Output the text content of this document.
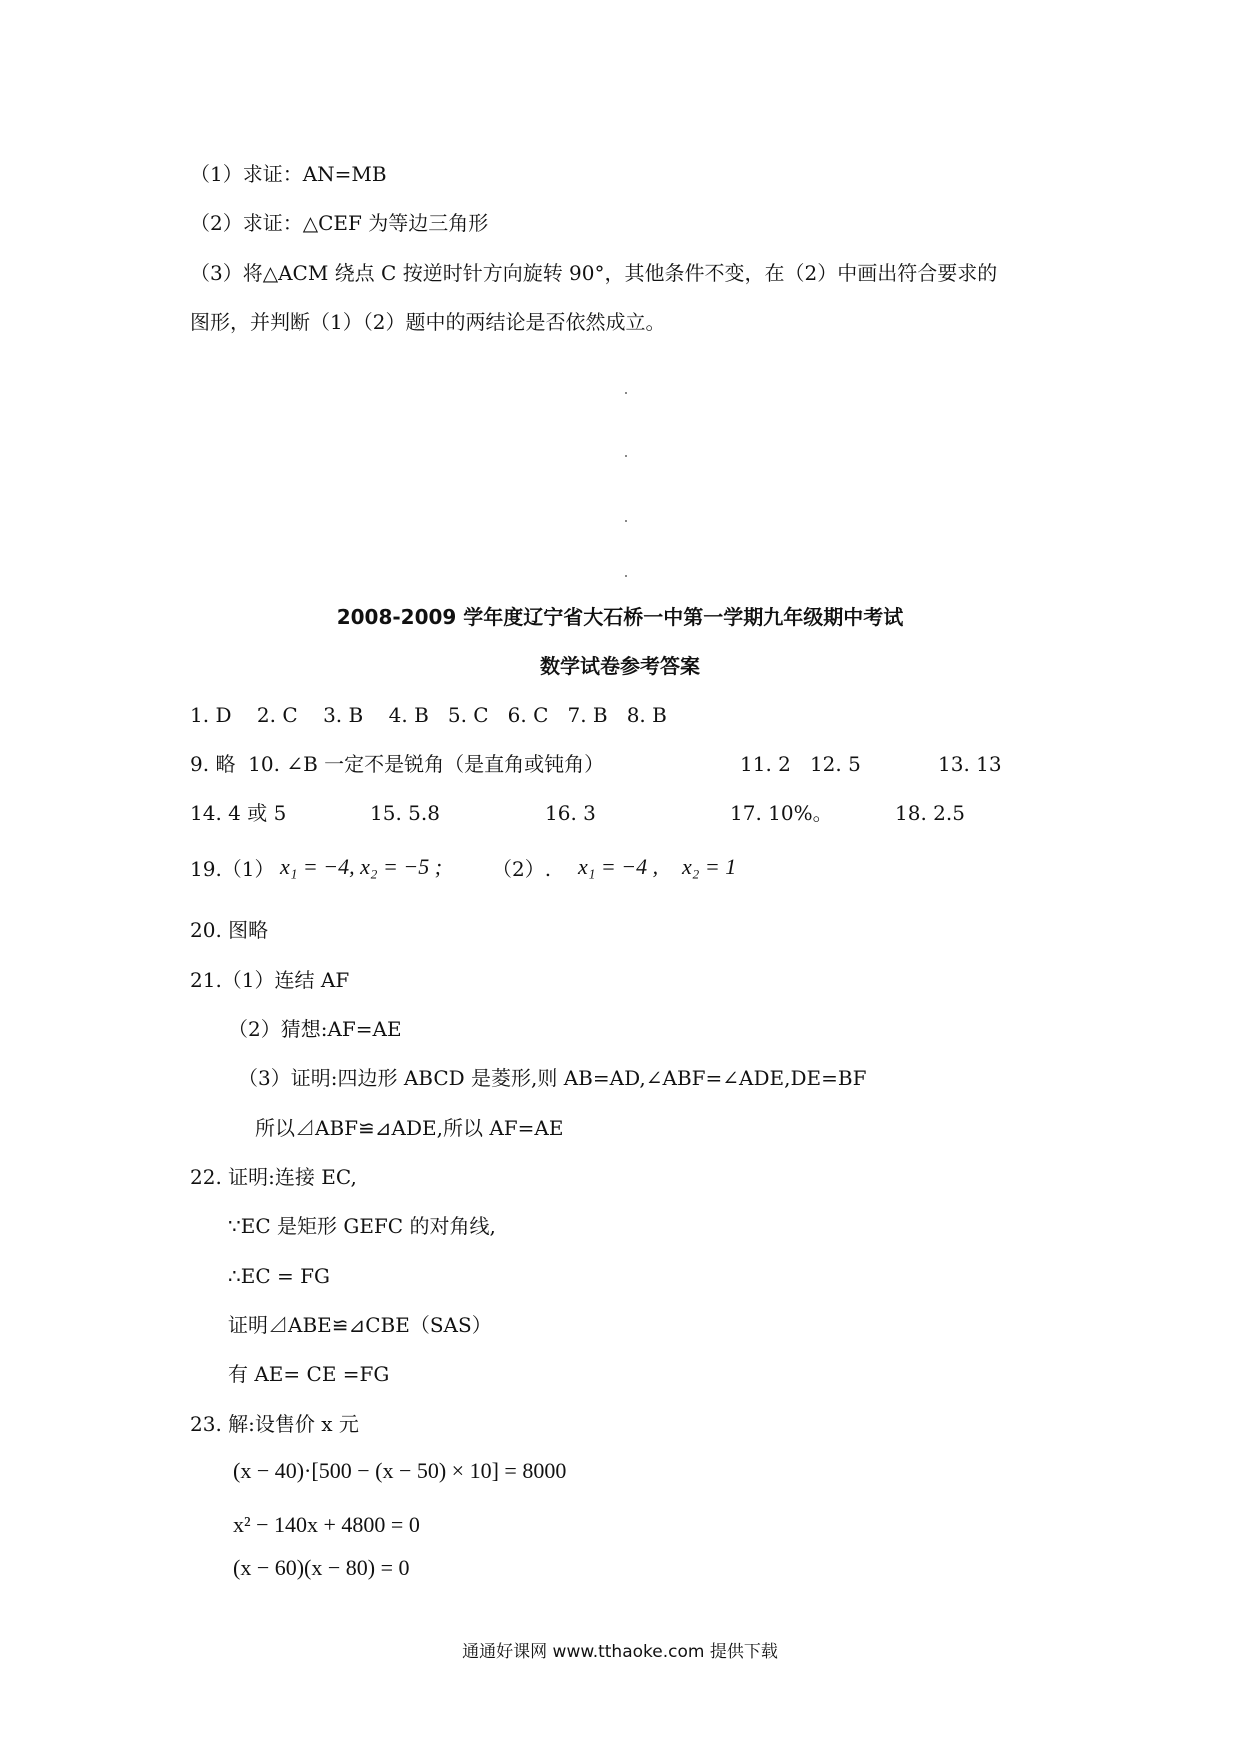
（1）求证：AN=MB
（2）求证：△CEF 为等边三角形
（3）将△ACM 绕点 C 按逆时针方向旋转 90°，其他条件不变，在（2）中画出符合要求的
图形，并判断（1）（2）题中的两结论是否依然成立。
2008-2009 学年度辽宁省大石桥一中第一学期九年级期中考试
数学试卷参考答案
1. D    2. C    3. B    4. B   5. C   6. C   7. B   8. B
9. 略  10. ∠B 一定不是锐角（是直角或钝角）	11. 2   12. 5	13. 13
14. 4 或 5	15. 5.8	16. 3	17. 10%。	18. 2.5
19.（1） x₁ = −4, x₂ = −5 ; （2）. x₁ = −4 , x₂ = 1
20. 图略
21.（1）连结 AF
（2）猜想:AF=AE
（3）证明:四边形 ABCD 是菱形,则 AB=AD,∠ABF=∠ADE,DE=BF
所以⊿ABF≌⊿ADE,所以 AF=AE
22. 证明:连接 EC,
∵EC 是矩形 GEFC 的对角线,
∴EC = FG
证明⊿ABE≌⊿CBE（SAS）
有 AE= CE =FG
23. 解:设售价 x 元
(x − 40)·[500 − (x − 50) × 10] = 8000
x² − 140x + 4800 = 0
(x − 60)(x − 80) = 0
通通好课网 www.tthaoke.com 提供下载
